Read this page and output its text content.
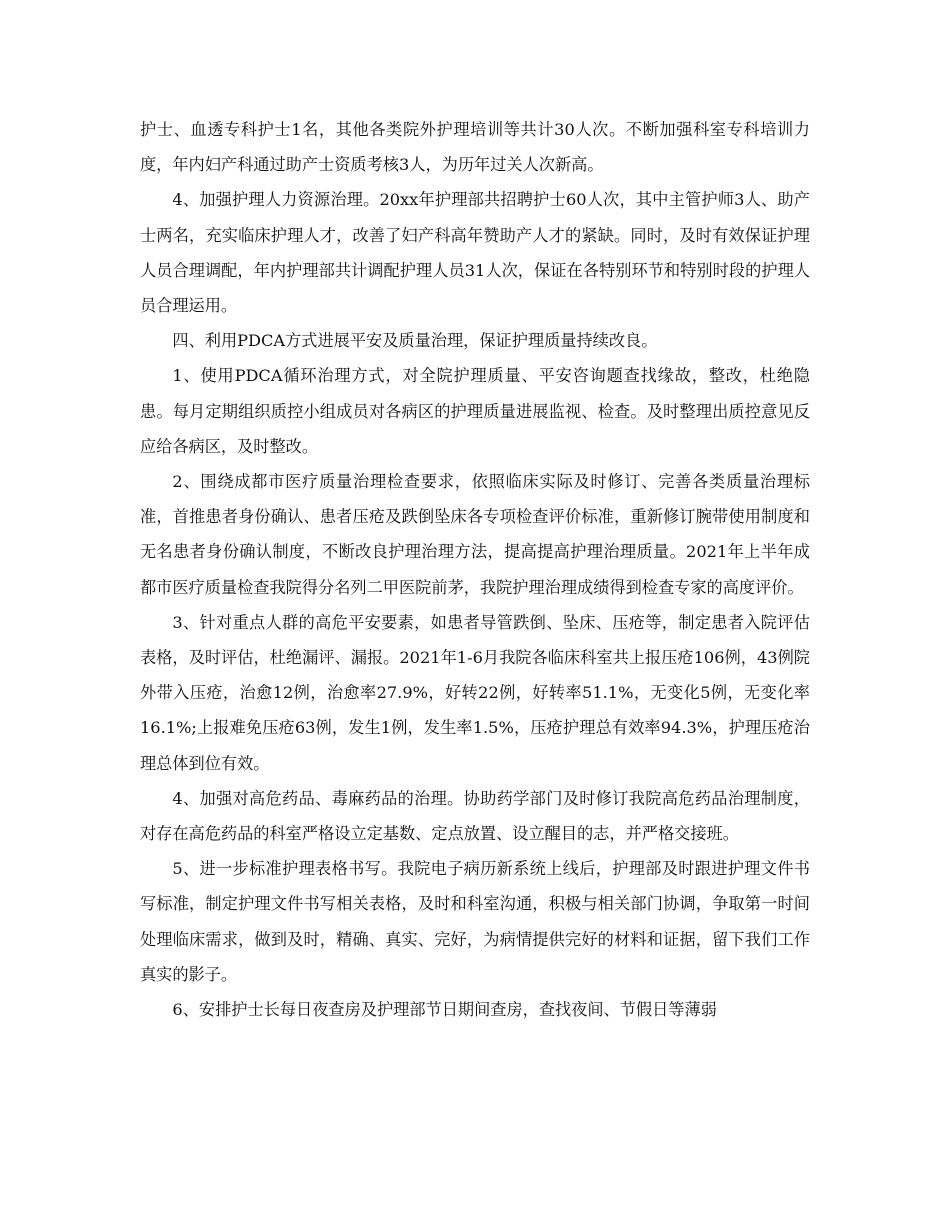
护士、血透专科护士1名，其他各类院外护理培训等共计30人次。不断加强科室专科培训力度，年内妇产科通过助产士资质考核3人，为历年过关人次新高。

4、加强护理人力资源治理。20xx年护理部共招聘护士60人次，其中主管护师3人、助产士两名，充实临床护理人才，改善了妇产科高年赞助产人才的紧缺。同时，及时有效保证护理人员合理调配，年内护理部共计调配护理人员31人次，保证在各特别环节和特别时段的护理人员合理运用。

四、利用PDCA方式进展平安及质量治理，保证护理质量持续改良。

1、使用PDCA循环治理方式，对全院护理质量、平安咨询题查找缘故，整改，杜绝隐患。每月定期组织质控小组成员对各病区的护理质量进展监视、检查。及时整理出质控意见反应给各病区，及时整改。

2、围绕成都市医疗质量治理检查要求，依照临床实际及时修订、完善各类质量治理标准，首推患者身份确认、患者压疮及跌倒坠床各专项检查评价标准，重新修订腕带使用制度和无名患者身份确认制度，不断改良护理治理方法，提高提高护理治理质量。2021年上半年成都市医疗质量检查我院得分名列二甲医院前茅，我院护理治理成绩得到检查专家的高度评价。

3、针对重点人群的高危平安要素，如患者导管跌倒、坠床、压疮等，制定患者入院评估表格，及时评估，杜绝漏评、漏报。2021年1-6月我院各临床科室共上报压疮106例，43例院外带入压疮，治愈12例，治愈率27.9%，好转22例，好转率51.1%，无变化5例，无变化率16.1%;上报难免压疮63例，发生1例，发生率1.5%，压疮护理总有效率94.3%，护理压疮治理总体到位有效。

4、加强对高危药品、毒麻药品的治理。协助药学部门及时修订我院高危药品治理制度，对存在高危药品的科室严格设立定基数、定点放置、设立醒目的志，并严格交接班。

5、进一步标准护理表格书写。我院电子病历新系统上线后，护理部及时跟进护理文件书写标准，制定护理文件书写相关表格，及时和科室沟通，积极与相关部门协调，争取第一时间处理临床需求，做到及时，精确、真实、完好，为病情提供完好的材料和证据，留下我们工作真实的影子。

6、安排护士长每日夜查房及护理部节日期间查房，查找夜间、节假日等薄弱
